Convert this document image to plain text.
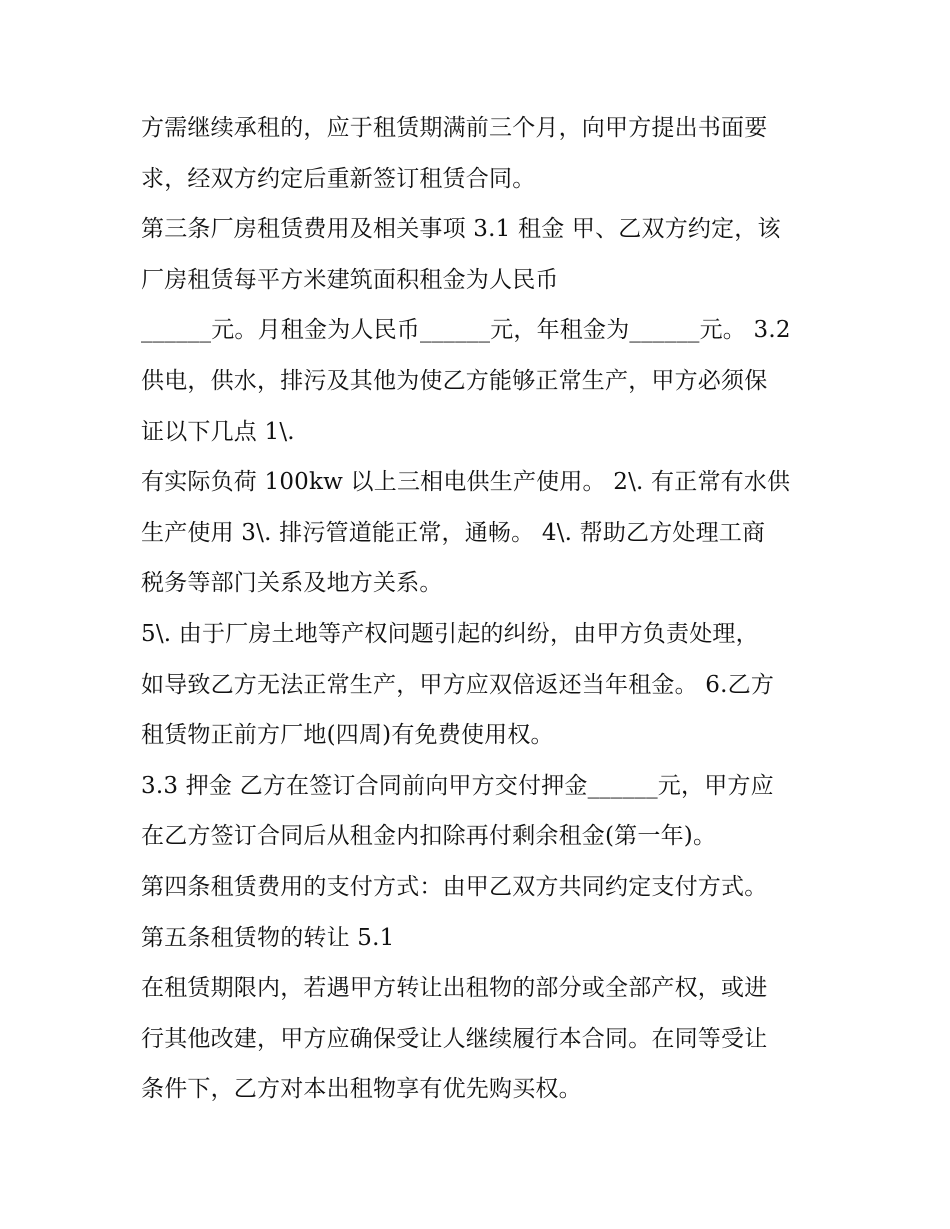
方需继续承租的，应于租赁期满前三个月，向甲方提出书面要
求，经双方约定后重新签订租赁合同。
第三条厂房租赁费用及相关事项 3.1 租金 甲、乙双方约定，该
厂房租赁每平方米建筑面积租金为人民币
______元。月租金为人民币______元，年租金为______元。 3.2
供电，供水，排污及其他为使乙方能够正常生产，甲方必须保
证以下几点 1\.
有实际负荷 100kw 以上三相电供生产使用。 2\. 有正常有水供
生产使用 3\. 排污管道能正常，通畅。 4\. 帮助乙方处理工商
税务等部门关系及地方关系。
5\. 由于厂房土地等产权问题引起的纠纷，由甲方负责处理，
如导致乙方无法正常生产，甲方应双倍返还当年租金。 6.乙方
租赁物正前方厂地(四周)有免费使用权。
3.3 押金 乙方在签订合同前向甲方交付押金______元，甲方应
在乙方签订合同后从租金内扣除再付剩余租金(第一年)。
第四条租赁费用的支付方式：由甲乙双方共同约定支付方式。
第五条租赁物的转让 5.1
在租赁期限内，若遇甲方转让出租物的部分或全部产权，或进
行其他改建，甲方应确保受让人继续履行本合同。在同等受让
条件下，乙方对本出租物享有优先购买权。
